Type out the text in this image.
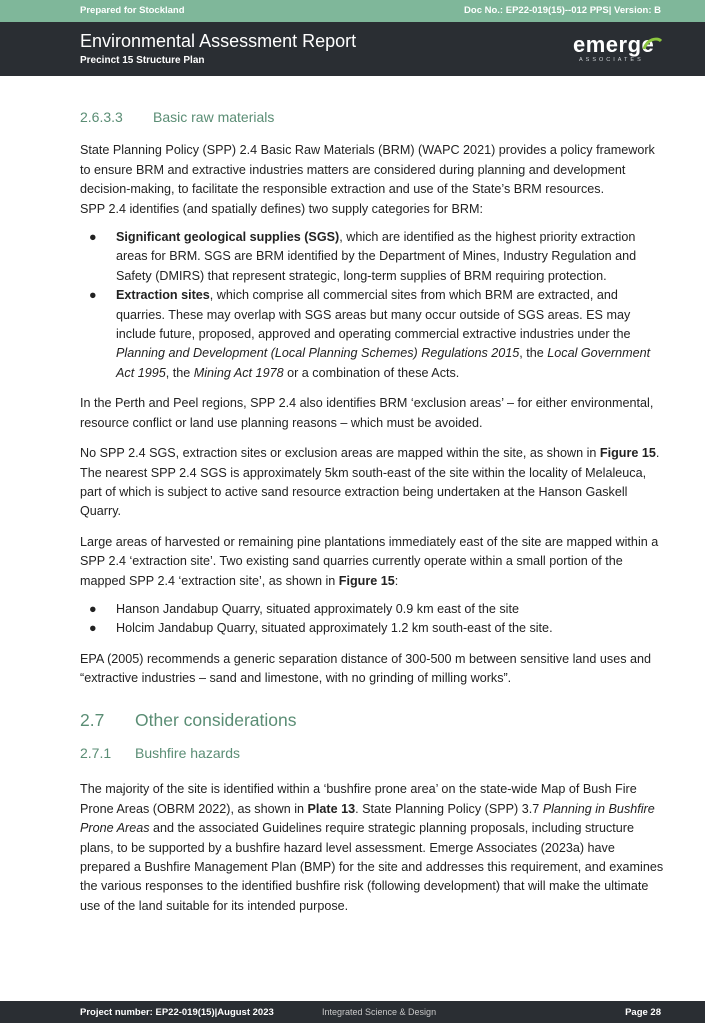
Prepared for Stockland	Doc No.: EP22-019(15)--012 PPS| Version: B
Environmental Assessment Report
Precinct 15 Structure Plan
emerge
ASSOCIATES
2.6.3.3 Basic raw materials

State Planning Policy (SPP) 2.4 Basic Raw Materials (BRM) (WAPC 2021) provides a policy framework to ensure BRM and extractive industries matters are considered during planning and development decision-making, to facilitate the responsible extraction and use of the State’s BRM resources.

SPP 2.4 identifies (and spatially defines) two supply categories for BRM:

● Significant geological supplies (SGS), which are identified as the highest priority extraction areas for BRM. SGS are BRM identified by the Department of Mines, Industry Regulation and Safety (DMIRS) that represent strategic, long-term supplies of BRM requiring protection.
● Extraction sites, which comprise all commercial sites from which BRM are extracted, and quarries. These may overlap with SGS areas but many occur outside of SGS areas. ES may include future, proposed, approved and operating commercial extractive industries under the Planning and Development (Local Planning Schemes) Regulations 2015, the Local Government Act 1995, the Mining Act 1978 or a combination of these Acts.

In the Perth and Peel regions, SPP 2.4 also identifies BRM ‘exclusion areas’ – for either environmental, resource conflict or land use planning reasons – which must be avoided.

No SPP 2.4 SGS, extraction sites or exclusion areas are mapped within the site, as shown in Figure 15. The nearest SPP 2.4 SGS is approximately 5km south-east of the site within the locality of Melaleuca, part of which is subject to active sand resource extraction being undertaken at the Hanson Gaskell Quarry.

Large areas of harvested or remaining pine plantations immediately east of the site are mapped within a SPP 2.4 ‘extraction site’. Two existing sand quarries currently operate within a small portion of the mapped SPP 2.4 ‘extraction site’, as shown in Figure 15:

● Hanson Jandabup Quarry, situated approximately 0.9 km east of the site
● Holcim Jandabup Quarry, situated approximately 1.2 km south-east of the site.

EPA (2005) recommends a generic separation distance of 300-500 m between sensitive land uses and “extractive industries – sand and limestone, with no grinding of milling works”.

2.7 Other considerations
2.7.1 Bushfire hazards

The majority of the site is identified within a ‘bushfire prone area’ on the state-wide Map of Bush Fire Prone Areas (OBRM 2022), as shown in Plate 13. State Planning Policy (SPP) 3.7 Planning in Bushfire Prone Areas and the associated Guidelines require strategic planning proposals, including structure plans, to be supported by a bushfire hazard level assessment. Emerge Associates (2023a) have prepared a Bushfire Management Plan (BMP) for the site and addresses this requirement, and examines the various responses to the identified bushfire risk (following development) that will make the ultimate use of the land suitable for its intended purpose.

Project number: EP22-019(15)|August 2023	Integrated Science & Design	Page 28
